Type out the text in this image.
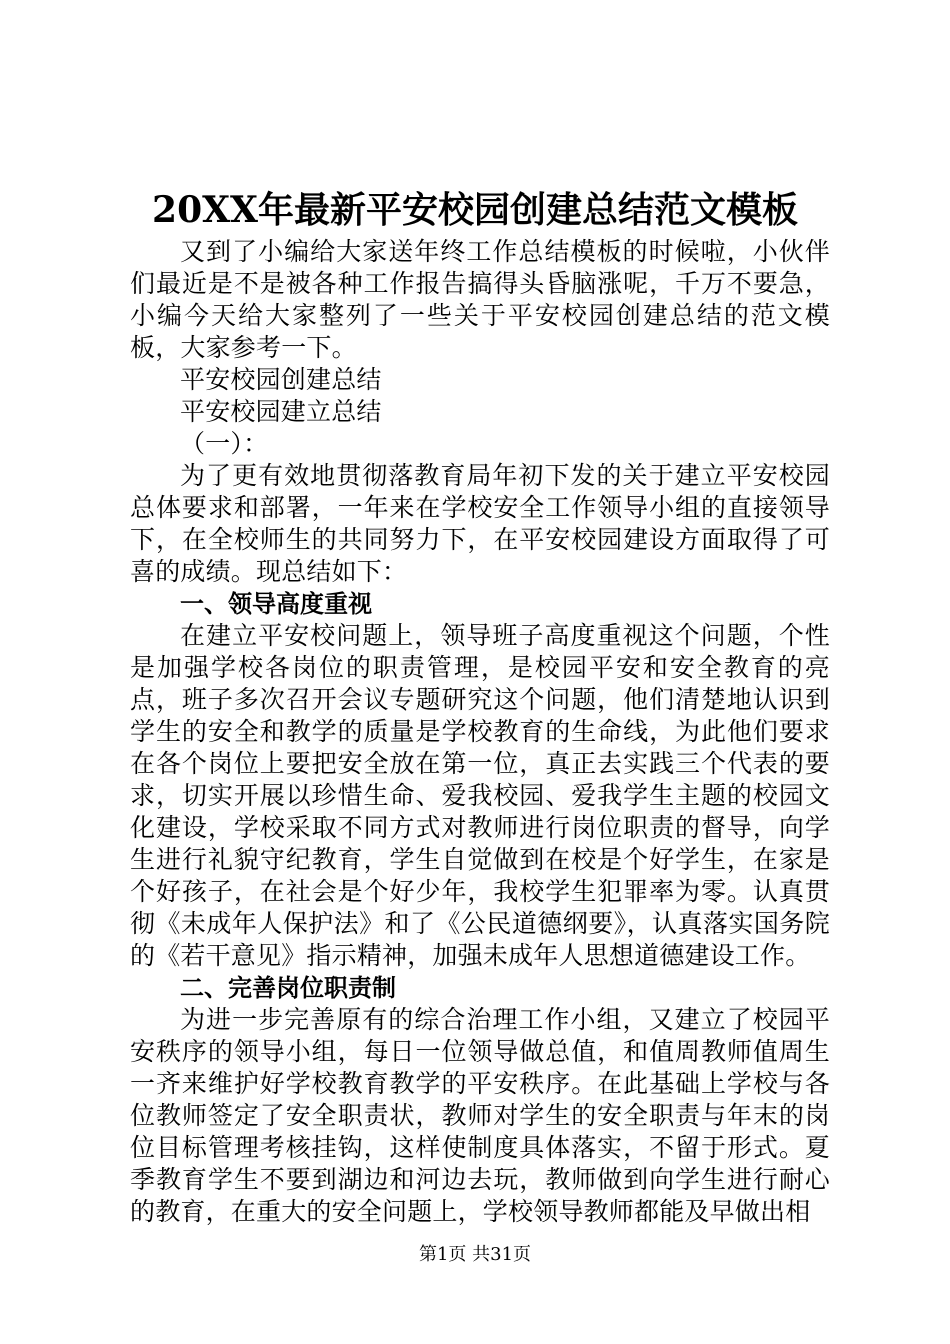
20XX年最新平安校园创建总结范文模板

又到了小编给大家送年终工作总结模板的时候啦，小伙伴们最近是不是被各种工作报告搞得头昏脑涨呢，千万不要急，小编今天给大家整列了一些关于平安校园创建总结的范文模板，大家参考一下。

平安校园创建总结

平安校园建立总结

（一）：

为了更有效地贯彻落教育局年初下发的关于建立平安校园总体要求和部署，一年来在学校安全工作领导小组的直接领导下，在全校师生的共同努力下，在平安校园建设方面取得了可喜的成绩。现总结如下：

一、领导高度重视

在建立平安校问题上，领导班子高度重视这个问题，个性是加强学校各岗位的职责管理，是校园平安和安全教育的亮点，班子多次召开会议专题研究这个问题，他们清楚地认识到学生的安全和教学的质量是学校教育的生命线，为此他们要求在各个岗位上要把安全放在第一位，真正去实践三个代表的要求，切实开展以珍惜生命、爱我校园、爱我学生主题的校园文化建设，学校采取不同方式对教师进行岗位职责的督导，向学生进行礼貌守纪教育，学生自觉做到在校是个好学生，在家是个好孩子，在社会是个好少年，我校学生犯罪率为零。认真贯彻《未成年人保护法》和了《公民道德纲要》，认真落实国务院的《若干意见》指示精神，加强未成年人思想道德建设工作。

二、完善岗位职责制

为进一步完善原有的综合治理工作小组，又建立了校园平安秩序的领导小组，每日一位领导做总值，和值周教师值周生一齐来维护好学校教育教学的平安秩序。在此基础上学校与各位教师签定了安全职责状，教师对学生的安全职责与年末的岗位目标管理考核挂钩，这样使制度具体落实，不留于形式。夏季教育学生不要到湖边和河边去玩，教师做到向学生进行耐心的教育，在重大的安全问题上，学校领导教师都能及早做出相

第1页 共31页
